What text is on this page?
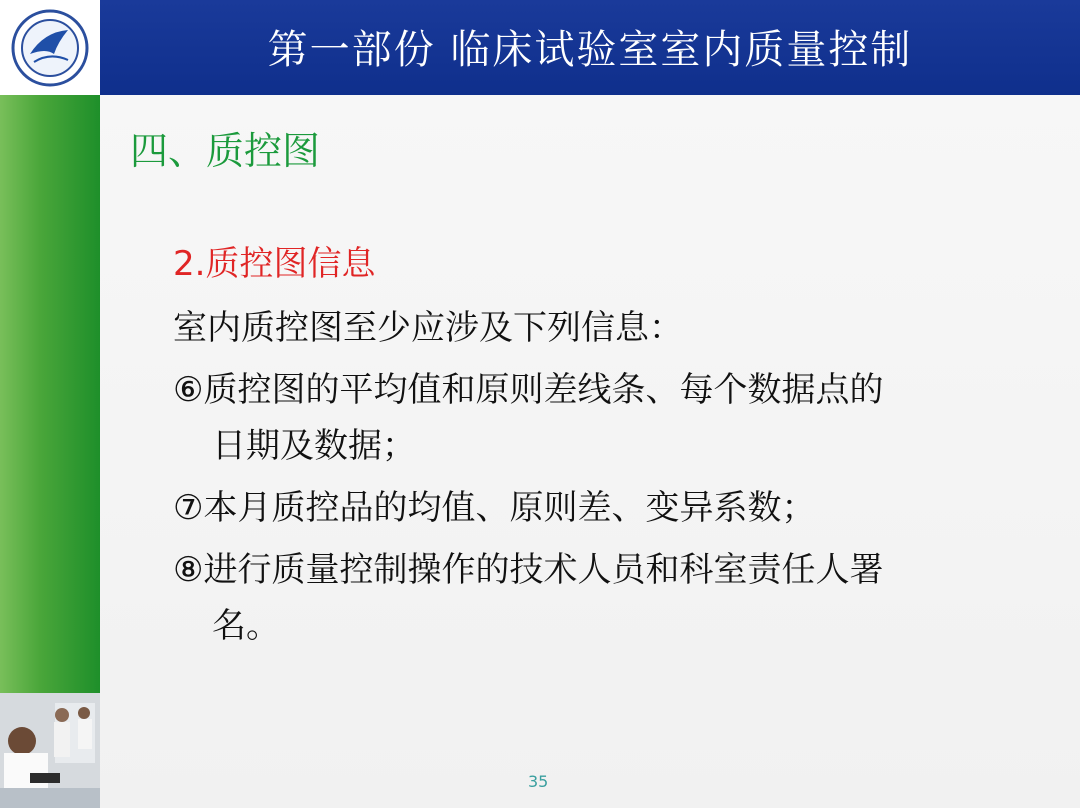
第一部份 临床试验室室内质量控制
四、质控图
2.质控图信息
室内质控图至少应涉及下列信息：
⑥质控图的平均值和原则差线条、每个数据点的
日期及数据；
⑦本月质控品的均值、原则差、变异系数；
⑧进行质量控制操作的技术人员和科室责任人署
名。
35
